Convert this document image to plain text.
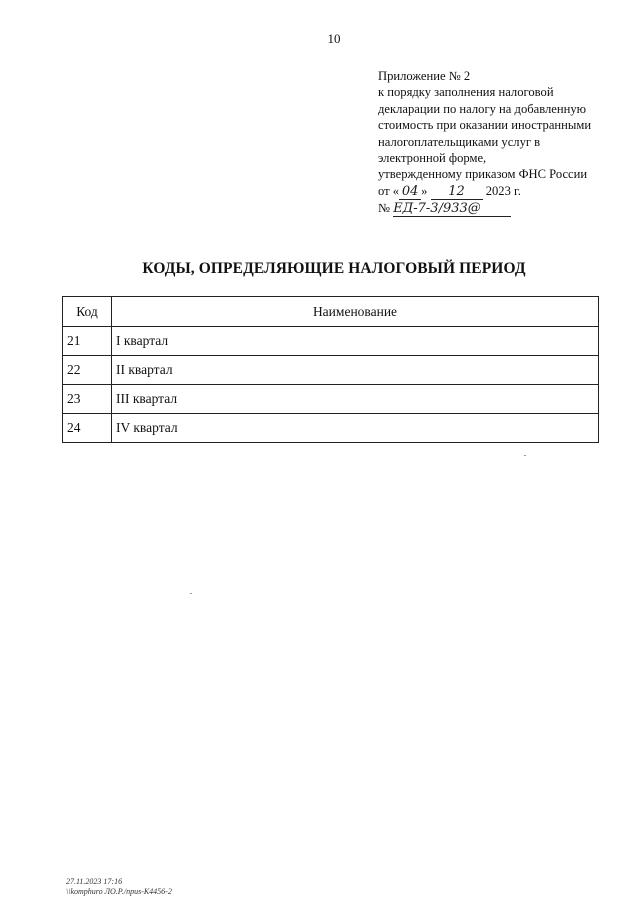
10
Приложение № 2
к порядку заполнения налоговой
декларации по налогу на добавленную
стоимость при оказании иностранными
налогоплательщиками услуг в
электронной форме,
утвержденному приказом ФНС России
от « 04 » 12 2023 г.
№ ЕД-7-3/933@
КОДЫ, ОПРЕДЕЛЯЮЩИЕ НАЛОГОВЫЙ ПЕРИОД
Код	Наименование
21	I квартал
22	II квартал
23	III квартал
24	IV квартал
27.11.2023 17:16
\\komphuro ЛО.Р./npus-К4456-2
